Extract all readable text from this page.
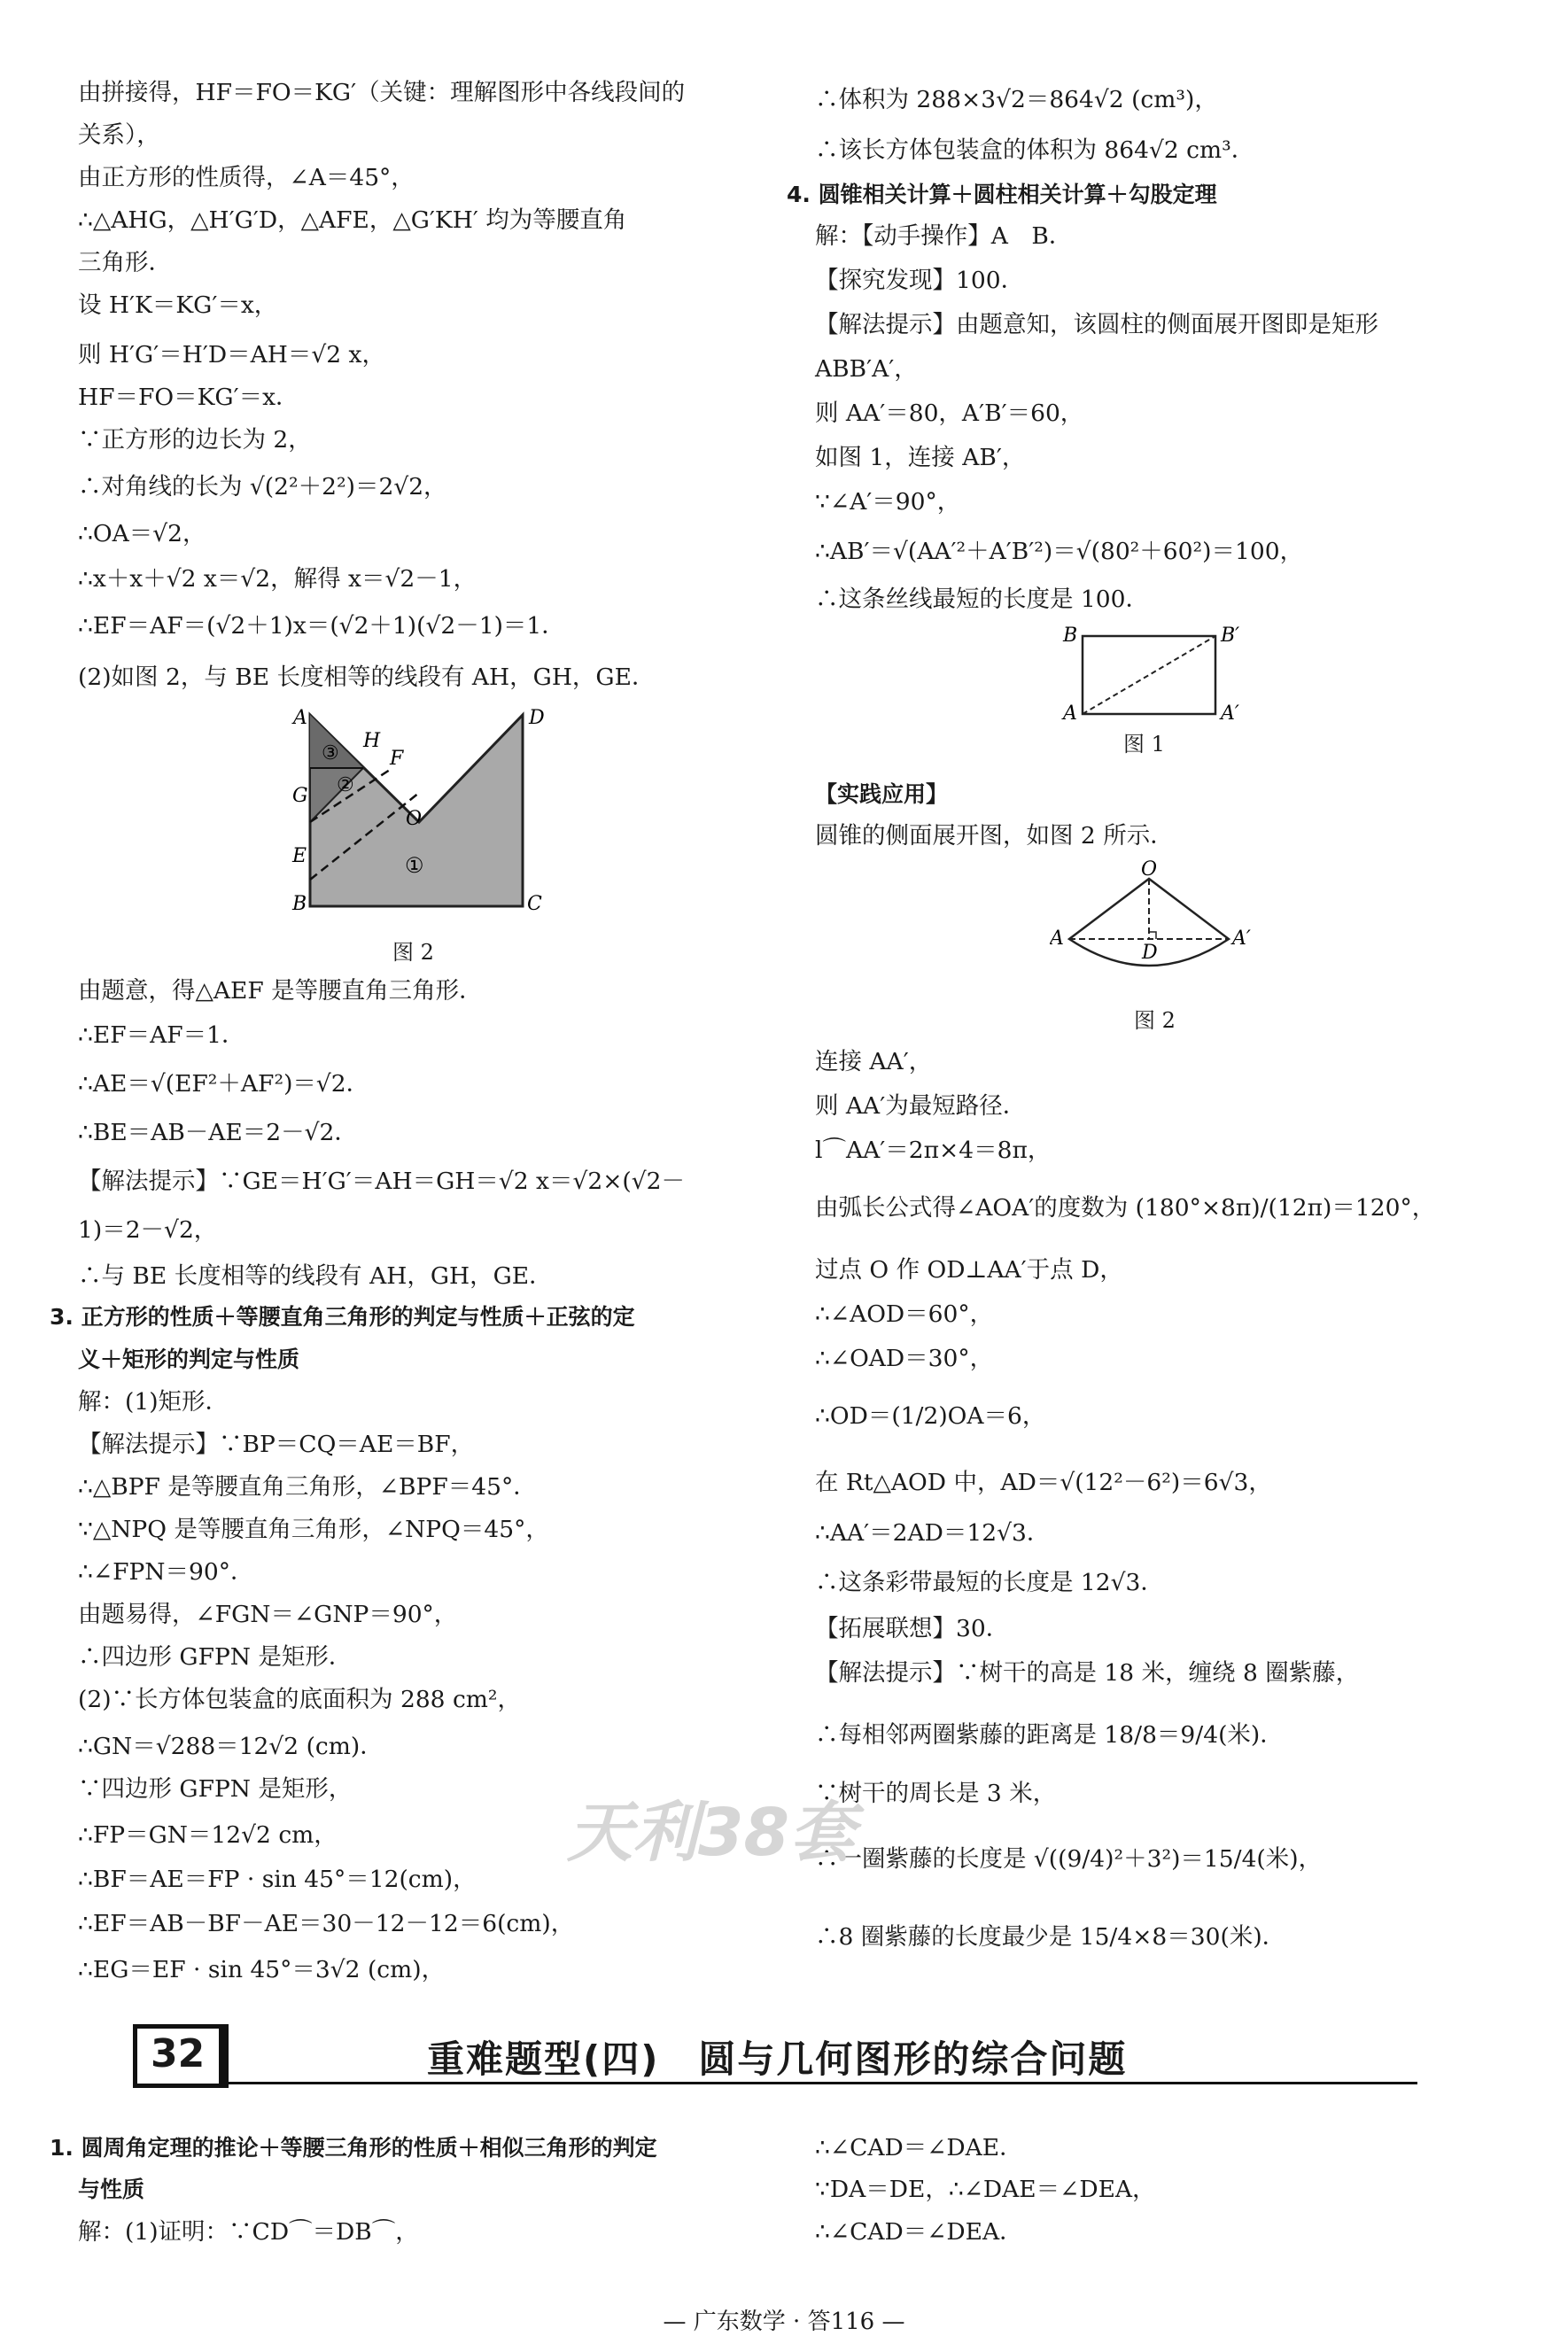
由拼接得，HF＝FO＝KG′（关键：理解图形中各线段间的
关系），
由正方形的性质得，∠A＝45°，
∴△AHG，△H′G′D，△AFE，△G′KH′ 均为等腰直角
三角形．
设 H′K＝KG′＝x，
则 H′G′＝H′D＝AH＝√2 x，
HF＝FO＝KG′＝x．
∵正方形的边长为 2，
∴对角线的长为 √(2²＋2²)＝2√2，
∴OA＝√2，
∴x＋x＋√2 x＝√2，解得 x＝√2－1，
∴EF＝AF＝(√2＋1)x＝(√2＋1)(√2－1)＝1．
(2)如图 2，与 BE 长度相等的线段有 AH，GH，GE．
A
H
F
D
G
O
E
B	C
③
②
①
图 2
由题意，得△AEF 是等腰直角三角形．
∴EF＝AF＝1．
∴AE＝√(EF²＋AF²)＝√2．
∴BE＝AB－AE＝2－√2．
【解法提示】∵GE＝H′G′＝AH＝GH＝√2 x＝√2×(√2－
1)＝2－√2，
∴与 BE 长度相等的线段有 AH，GH，GE．
3. 正方形的性质＋等腰直角三角形的判定与性质＋正弦的定
义＋矩形的判定与性质
解：(1)矩形．
【解法提示】∵BP＝CQ＝AE＝BF，
∴△BPF 是等腰直角三角形，∠BPF＝45°．
∵△NPQ 是等腰直角三角形，∠NPQ＝45°，
∴∠FPN＝90°．
由题易得，∠FGN＝∠GNP＝90°，
∴四边形 GFPN 是矩形．
(2)∵长方体包装盒的底面积为 288 cm²，
∴GN＝√288＝12√2 (cm)．
∵四边形 GFPN 是矩形，
∴FP＝GN＝12√2 cm，
∴BF＝AE＝FP · sin 45°＝12(cm)，
∴EF＝AB－BF－AE＝30－12－12＝6(cm)，
∴EG＝EF · sin 45°＝3√2 (cm)，
∴体积为 288×3√2＝864√2 (cm³)，
∴该长方体包装盒的体积为 864√2 cm³．
4. 圆锥相关计算＋圆柱相关计算＋勾股定理
解：【动手操作】A　B．
【探究发现】100．
【解法提示】由题意知，该圆柱的侧面展开图即是矩形
ABB′A′，
则 AA′＝80，A′B′＝60，
如图 1，连接 AB′，
∵∠A′＝90°，
∴AB′＝√(AA′²＋A′B′²)＝√(80²＋60²)＝100，
∴这条丝线最短的长度是 100．
B	B′
A	A′
图 1
【实践应用】
圆锥的侧面展开图，如图 2 所示．
O
A
D
A′
图 2
连接 AA′，
则 AA′为最短路径．
l⌒AA′＝2π×4＝8π，
由弧长公式得∠AOA′的度数为 (180°×8π)/(12π)＝120°，
过点 O 作 OD⊥AA′于点 D，
∴∠AOD＝60°，
∴∠OAD＝30°，
∴OD＝(1/2)OA＝6，
在 Rt△AOD 中，AD＝√(12²－6²)＝6√3，
∴AA′＝2AD＝12√3．
∴这条彩带最短的长度是 12√3．
【拓展联想】30．
【解法提示】∵树干的高是 18 米，缠绕 8 圈紫藤，
∴每相邻两圈紫藤的距离是 18/8＝9/4(米)．
∵树干的周长是 3 米，
∴一圈紫藤的长度是 √((9/4)²＋3²)＝15/4(米)，
∴8 圈紫藤的长度最少是 15/4×8＝30(米)．
天利38套
32	重难题型(四)　圆与几何图形的综合问题
1. 圆周角定理的推论＋等腰三角形的性质＋相似三角形的判定
与性质
解：(1)证明：∵CD⌒＝DB⌒，
∴∠CAD＝∠DAE．
∵DA＝DE，∴∠DAE＝∠DEA，
∴∠CAD＝∠DEA．
— 广东数学 · 答116 —
